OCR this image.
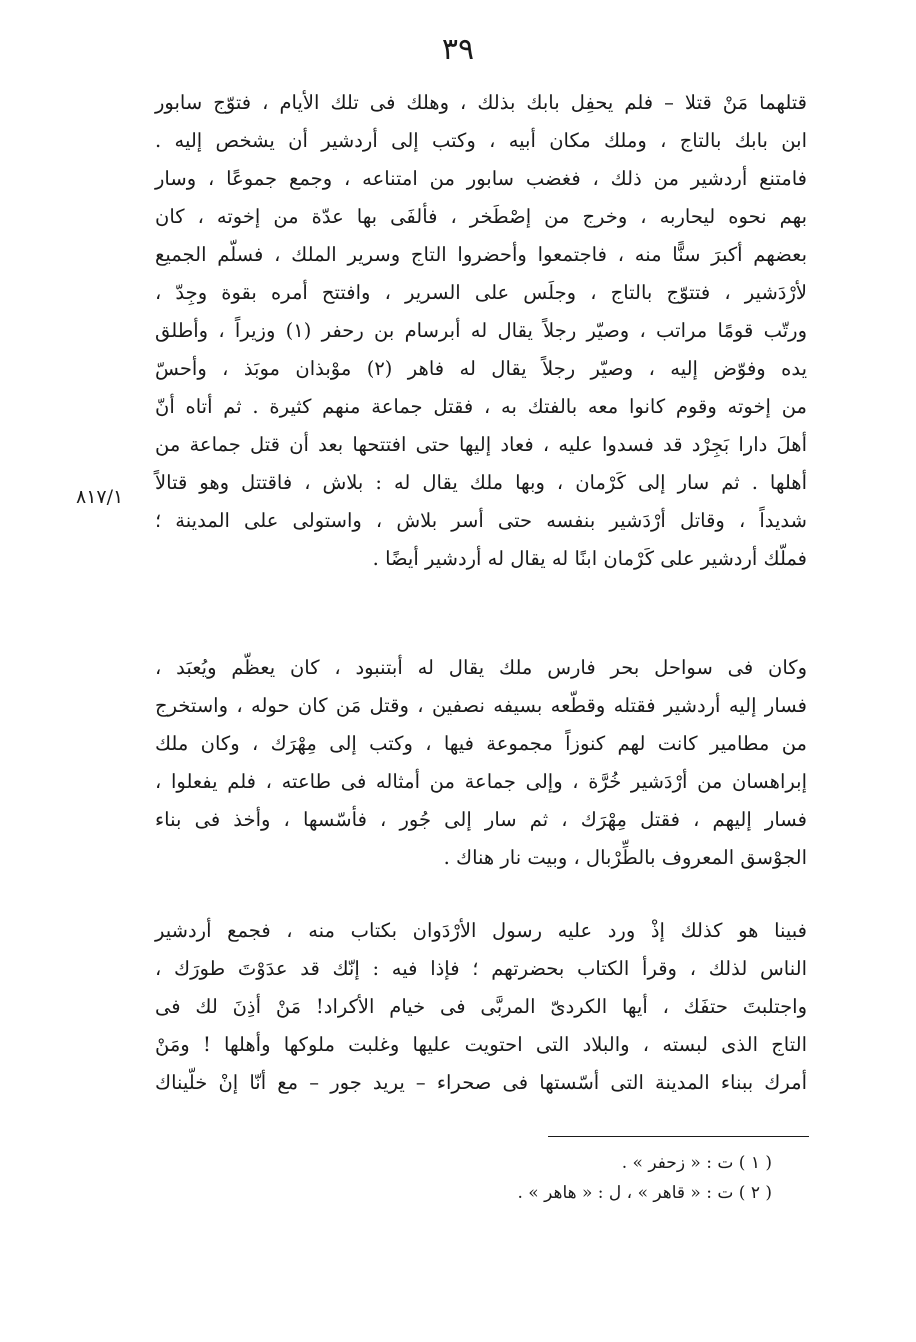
٣٩
٨١٧/١
قتلهما مَنْ قتلا – فلم يحفِل بابك بذلك ، وهلك فى تلك الأيام ، فتوّج سابور
ابن بابك بالتاج ، وملك مكان أبيه ، وكتب إلى أردشير أن يشخص إليه .
فامتنع أردشير من ذلك ، فغضب سابور من امتناعه ، وجمع جموعًا ، وسار
بهم نحوه ليحاربه ، وخرج من إصْطَخر ، فألفَى بها عدّة من إخوته ، كان
بعضهم أكبرَ سنًّا منه ، فاجتمعوا وأحضروا التاج وسرير الملك ، فسلّم الجميع
لأرْدَشير ، فتتوّج بالتاج ، وجلَس على السرير ، وافتتح أمره بقوة وجِدّ ،
ورتّب قومًا مراتب ، وصيّر رجلاً يقال له أبرسام بن رحفر (١) وزيراً ، وأطلق
يده وفوّض إليه ، وصيّر رجلاً يقال له فاهر (٢) موْبذان موبَذ ، وأحسّ
من إخوته وقوم كانوا معه بالفتك به ، فقتل جماعة منهم كثيرة . ثم أتاه أنّ
أهلَ دارا بَجِرْد قد فسدوا عليه ، فعاد إليها حتى افتتحها بعد أن قتل جماعة من
أهلها . ثم سار إلى كَرْمان ، وبها ملك يقال له : بلاش ، فاقتتل وهو قتالاً
شديداً ، وقاتل أرْدَشير بنفسه حتى أسر بلاش ، واستولى على المدينة ؛
فملّك أردشير على كَرْمان ابنًا له يقال له أردشير أيضًا .
وكان فى سواحل بحر فارس ملك يقال له أبتنبود ، كان يعظّم ويُعبَد ،
فسار إليه أردشير فقتله وقطّعه بسيفه نصفين ، وقتل مَن كان حوله ، واستخرج
من مطامير كانت لهم كنوزاً مجموعة فيها ، وكتب إلى مِهْرَك ، وكان ملك
إبراهسان من أرْدَشير خُرَّة ، وإلى جماعة من أمثاله فى طاعته ، فلم يفعلوا ،
فسار إليهم ، فقتل مِهْرَك ، ثم سار إلى جُور ، فأسّسها ، وأخذ فى بناء
الجوْسق المعروف بالطِّرْبال ، وبيت نار هناك .
فبينا هو كذلك إذْ ورد عليه رسول الأرْدَوان بكتاب منه ، فجمع أردشير
الناس لذلك ، وقرأ الكتاب بحضرتهم ؛ فإذا فيه : إنّك قد عدَوْتَ طورَك ،
واجتلبتَ حتفَك ، أيها الكردىّ المربَّى فى خيام الأكراد! مَنْ أذِنَ لك فى
التاج الذى لبسته ، والبلاد التى احتويت عليها وغلبت ملوكها وأهلها ! ومَنْ
أمرك ببناء المدينة التى أسّستها فى صحراء – يريد جور – مع أنّا إنْ خلّيناك
( ١ ) ت : « زحفر » .
( ٢ ) ت : « قاهر » ، ل : « هاهر » .
